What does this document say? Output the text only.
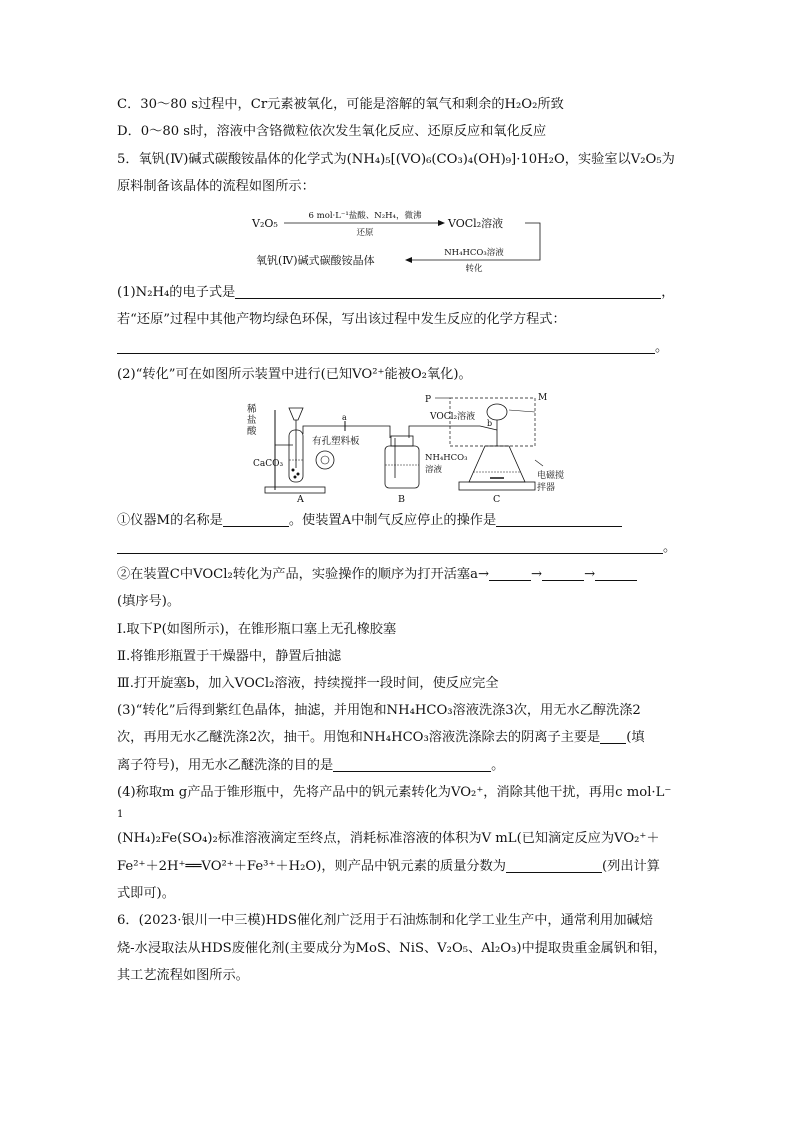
C．30～80 s过程中，Cr元素被氧化，可能是溶解的氧气和剩余的H₂O₂所致
D．0～80 s时，溶液中含铬微粒依次发生氧化反应、还原反应和氧化反应
5．氧钒(Ⅳ)碱式碳酸铵晶体的化学式为(NH₄)₅[(VO)₆(CO₃)₄(OH)₉]·10H₂O，实验室以V₂O₅为
原料制备该晶体的流程如图所示：
V₂O₅
6 mol·L⁻¹盐酸、N₂H₄，微沸
还原
VOCl₂溶液
NH₄HCO₃溶液
转化
氧钒(Ⅳ)碱式碳酸铵晶体
(1)N₂H₄的电子式是	，
若“还原”过程中其他产物均绿色环保，写出该过程中发生反应的化学方程式：
。
(2)“转化”可在如图所示装置中进行(已知VO²⁺能被O₂氧化)。
稀
盐
酸
a
有孔塑料板
CaCO₃
A	B
P	M
b
VOCl₂溶液
NH₄HCO₃
溶液
电磁搅
拌器
C
①仪器M的名称是	。使装置A中制气反应停止的操作是
。
②在装置C中VOCl₂转化为产品，实验操作的顺序为打开活塞a→	→	→
(填序号)。
Ⅰ.取下P(如图所示)，在锥形瓶口塞上无孔橡胶塞
Ⅱ.将锥形瓶置于干燥器中，静置后抽滤
Ⅲ.打开旋塞b，加入VOCl₂溶液，持续搅拌一段时间，使反应完全
(3)“转化”后得到紫红色晶体，抽滤，并用饱和NH₄HCO₃溶液洗涤3次，用无水乙醇洗涤2
次，再用无水乙醚洗涤2次，抽干。用饱和NH₄HCO₃溶液洗涤除去的阴离子主要是 (填
离子符号)，用无水乙醚洗涤的目的是	。
(4)称取m g产品于锥形瓶中，先将产品中的钒元素转化为VO₂⁺，消除其他干扰，再用c mol·L⁻
1
(NH₄)₂Fe(SO₄)₂标准溶液滴定至终点，消耗标准溶液的体积为V mL(已知滴定反应为VO₂⁺＋
Fe²⁺＋2H⁺══VO²⁺＋Fe³⁺＋H₂O)，则产品中钒元素的质量分数为	(列出计算
式即可)。
6．(2023·银川一中三模)HDS催化剂广泛用于石油炼制和化学工业生产中，通常利用加碱焙
烧-水浸取法从HDS废催化剂(主要成分为MoS、NiS、V₂O₅、Al₂O₃)中提取贵重金属钒和钼，
其工艺流程如图所示。
